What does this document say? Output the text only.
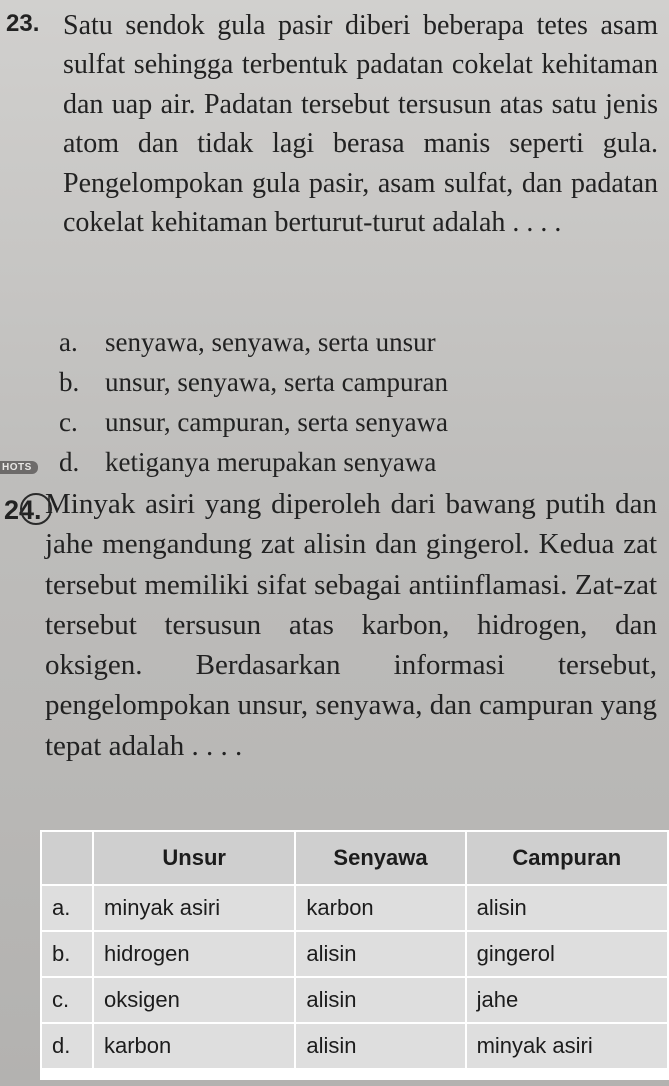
23. Satu sendok gula pasir diberi beberapa tetes asam sulfat sehingga terbentuk padatan cokelat kehitaman dan uap air. Padatan tersebut tersusun atas satu jenis atom dan tidak lagi berasa manis seperti gula. Pengelompokan gula pasir, asam sulfat, dan padatan cokelat kehitaman berturut-turut adalah . . . .
a.	senyawa, senyawa, serta unsur
b. unsur, senyawa, serta campuran
c.	unsur, campuran, serta senyawa
d. ketiganya merupakan senyawa
HOTS
24. Minyak asiri yang diperoleh dari bawang putih dan jahe mengandung zat alisin dan gingerol. Kedua zat tersebut memiliki sifat sebagai antiinflamasi. Zat-zat tersebut tersusun atas karbon, hidrogen, dan oksigen. Berdasarkan informasi tersebut, pengelompokan unsur, senyawa, dan campuran yang tepat adalah . . . .
	Unsur	Senyawa	Campuran
a.	minyak asiri	karbon	alisin
b.	hidrogen	alisin	gingerol
c.	oksigen	alisin	jahe
d.	karbon	alisin	minyak asiri
